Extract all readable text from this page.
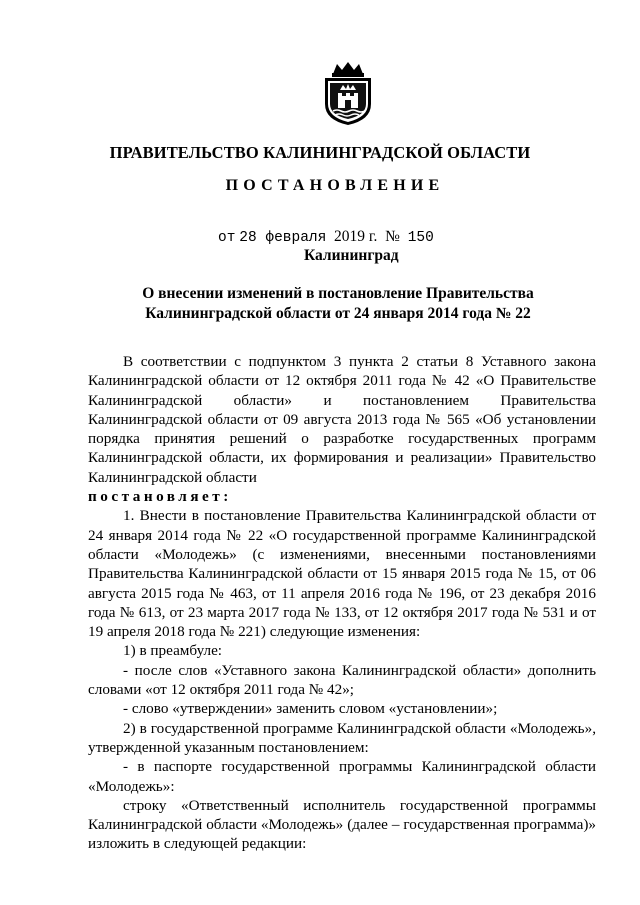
ПРАВИТЕЛЬСТВО КАЛИНИНГРАДСКОЙ ОБЛАСТИ
ПОСТАНОВЛЕНИЕ
от 28 февраля 2019 г. № 150
Калининград
О внесении изменений в постановление Правительства
Калининградской области от 24 января 2014 года № 22

В соответствии с подпунктом 3 пункта 2 статьи 8 Уставного закона Калининградской области от 12 октября 2011 года № 42 «О Правительстве Калининградской области» и постановлением Правительства Калининградской области от 09 августа 2013 года № 565 «Об установлении порядка принятия решений о разработке государственных программ Калининградской области, их формирования и реализации» Правительство Калининградской области

постановляет:

1. Внести в постановление Правительства Калининградской области от 24 января 2014 года № 22 «О государственной программе Калининградской области «Молодежь» (с изменениями, внесенными постановлениями Правительства Калининградской области от 15 января 2015 года № 15, от 06 августа 2015 года № 463, от 11 апреля 2016 года № 196, от 23 декабря 2016 года № 613, от 23 марта 2017 года № 133, от 12 октября 2017 года № 531 и от 19 апреля 2018 года № 221) следующие изменения:

1) в преамбуле:

- после слов «Уставного закона Калининградской области» дополнить словами «от 12 октября 2011 года № 42»;

- слово «утверждении» заменить словом «установлении»;

2) в государственной программе Калининградской области «Молодежь», утвержденной указанным постановлением:

- в паспорте государственной программы Калининградской области «Молодежь»:

строку «Ответственный исполнитель государственной программы Калининградской области «Молодежь» (далее – государственная программа)» изложить в следующей редакции:
